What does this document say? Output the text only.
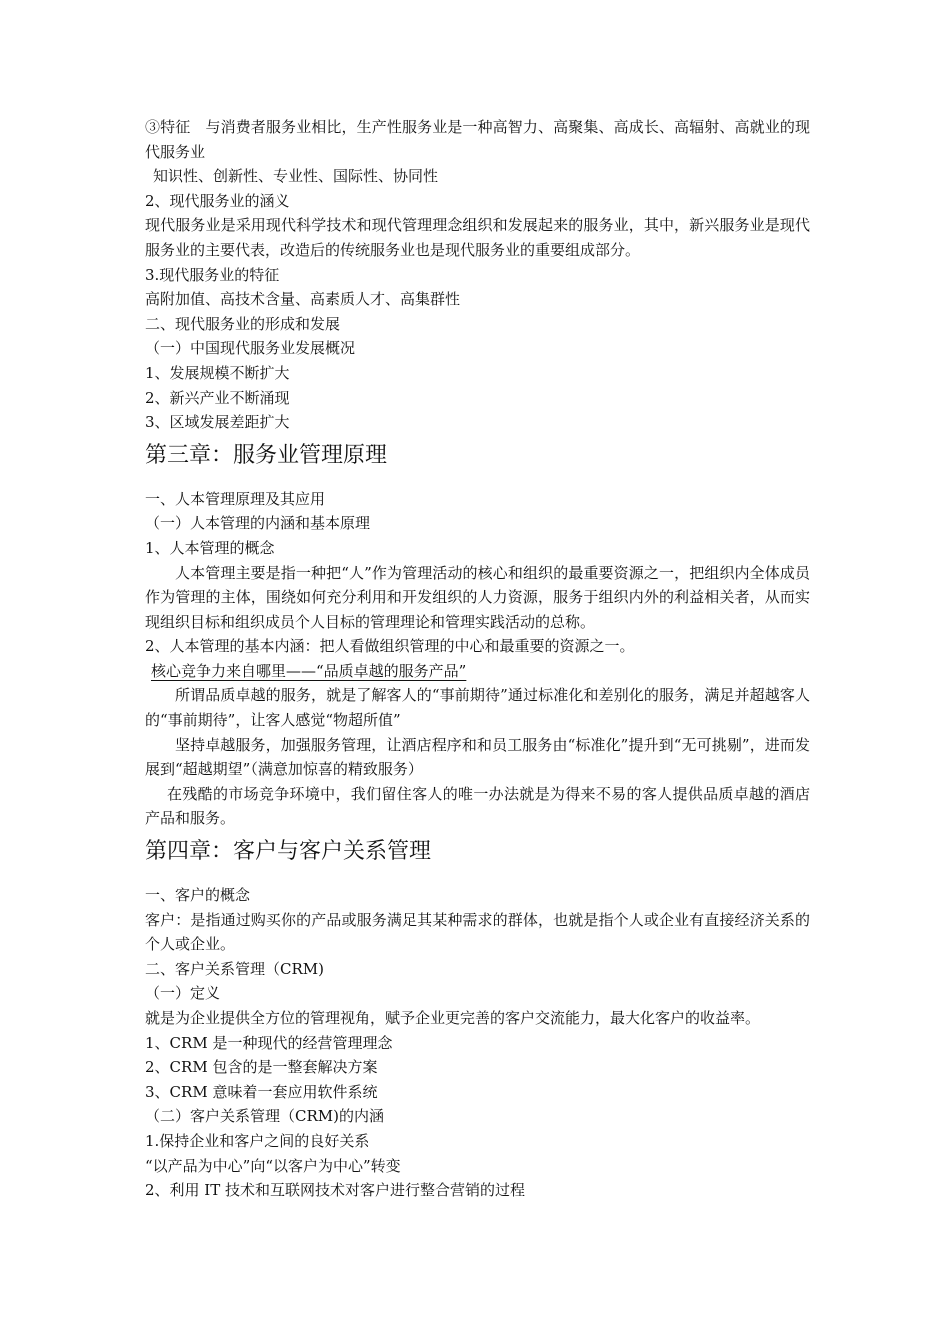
③特征　与消费者服务业相比，生产性服务业是一种高智力、高聚集、高成长、高辐射、高就业的现代服务业

知识性、创新性、专业性、国际性、协同性

2、现代服务业的涵义

现代服务业是采用现代科学技术和现代管理理念组织和发展起来的服务业，其中，新兴服务业是现代服务业的主要代表，改造后的传统服务业也是现代服务业的重要组成部分。

3.现代服务业的特征

高附加值、高技术含量、高素质人才、高集群性

二、现代服务业的形成和发展

（一）中国现代服务业发展概况

1、发展规模不断扩大

2、新兴产业不断涌现

3、区域发展差距扩大

第三章：服务业管理原理

一、人本管理原理及其应用

（一）人本管理的内涵和基本原理

1、人本管理的概念

人本管理主要是指一种把“人”作为管理活动的核心和组织的最重要资源之一，把组织内全体成员作为管理的主体，围绕如何充分利用和开发组织的人力资源，服务于组织内外的利益相关者，从而实现组织目标和组织成员个人目标的管理理论和管理实践活动的总称。

2、人本管理的基本内涵：把人看做组织管理的中心和最重要的资源之一。

核心竞争力来自哪里——“品质卓越的服务产品”

所谓品质卓越的服务，就是了解客人的“事前期待”通过标准化和差别化的服务，满足并超越客人的“事前期待”，让客人感觉“物超所值”

坚持卓越服务，加强服务管理，让酒店程序和和员工服务由“标准化”提升到“无可挑剔”，进而发展到“超越期望”（满意加惊喜的精致服务）

在残酷的市场竞争环境中，我们留住客人的唯一办法就是为得来不易的客人提供品质卓越的酒店产品和服务。

第四章：客户与客户关系管理

一、客户的概念

客户：是指通过购买你的产品或服务满足其某种需求的群体，也就是指个人或企业有直接经济关系的个人或企业。

二、客户关系管理（CRM)

（一）定义

就是为企业提供全方位的管理视角，赋予企业更完善的客户交流能力，最大化客户的收益率。

1、CRM 是一种现代的经营管理理念

2、CRM 包含的是一整套解决方案

3、CRM 意味着一套应用软件系统

（二）客户关系管理（CRM)的内涵

1.保持企业和客户之间的良好关系

“以产品为中心”向“以客户为中心”转变

2、利用 IT 技术和互联网技术对客户进行整合营销的过程
